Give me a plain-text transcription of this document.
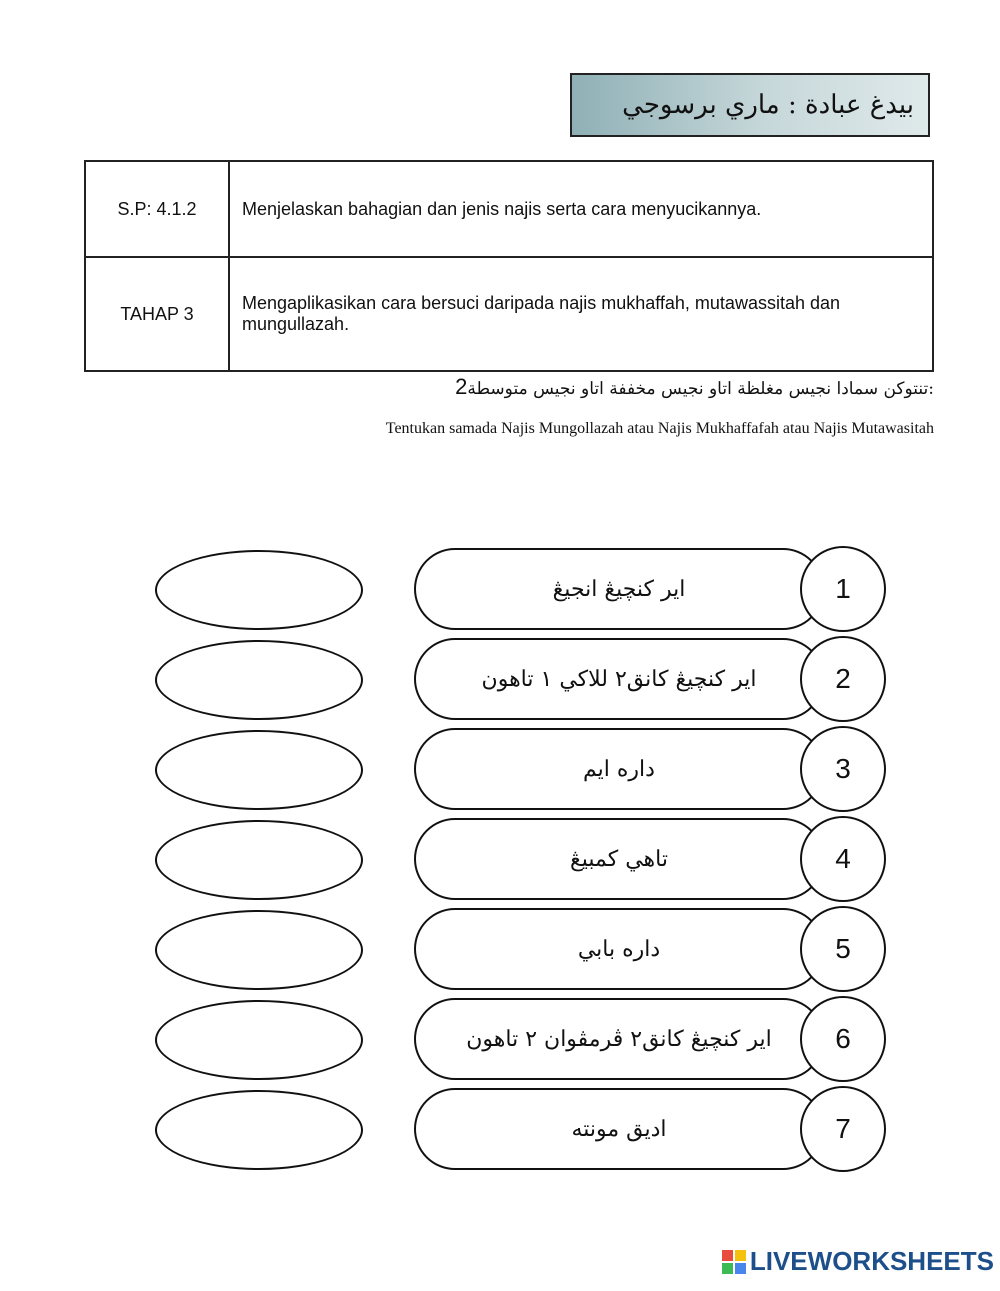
بيدغ عبادة : ماري برسوجي
S.P: 4.1.2	Menjelaskan bahagian dan jenis najis serta cara menyucikannya.
TAHAP 3	Mengaplikasikan cara bersuci daripada najis mukhaffah, mutawassitah dan mungullazah.
:تنتوكن سمادا نجيس مغلظة اتاو نجيس مخففة اتاو نجيس متوسطة2
Tentukan samada Najis Mungollazah atau Najis Mukhaffafah atau Najis Mutawasitah
اير كنچيڠ انجيڠ	1
اير كنچيڠ كانق٢ للاكي ١ تاهون	2
داره ايم	3
تاهي كمبيڠ	4
داره بابي	5
اير كنچيڠ كانق٢ ڤرمڤوان ٢ تاهون	6
اديق مونته	7
LIVEWORKSHEETS
